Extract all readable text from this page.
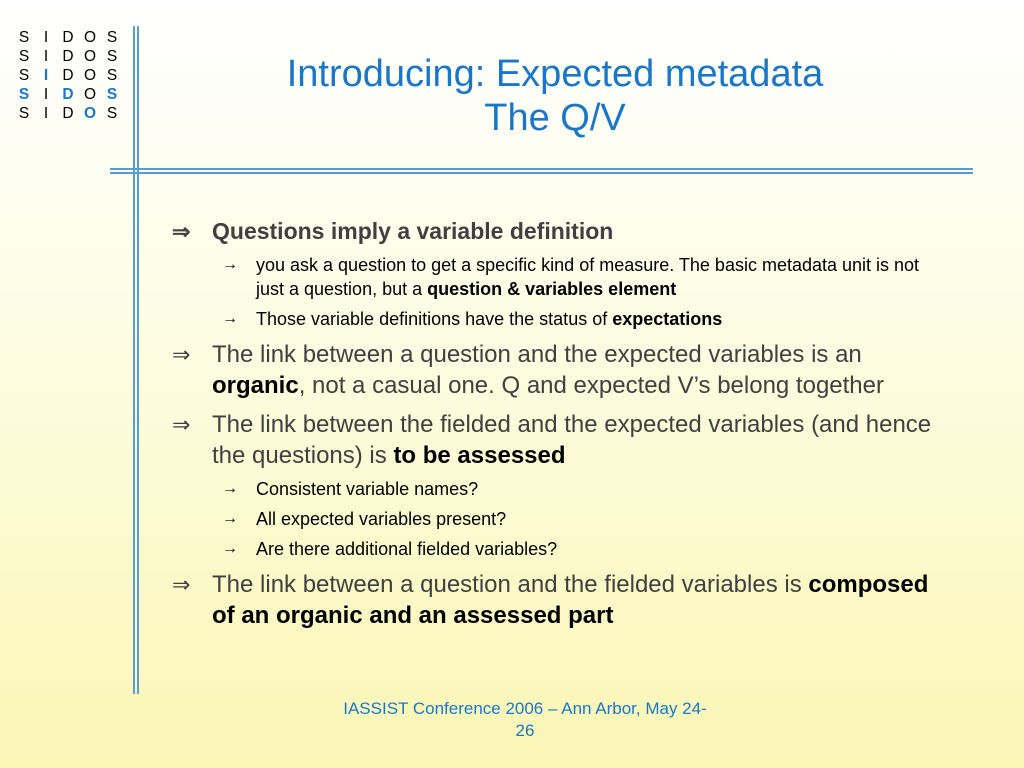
S I D O S
S I D O S
S I D O S
S I D O S
S I D O S
Introducing: Expected metadata
The Q/V
⇒ Questions imply a variable definition
→	you ask a question to get a specific kind of measure. The basic metadata unit is not just a question, but a question & variables element
→	Those variable definitions have the status of expectations
⇒ The link between a question and the expected variables is an organic, not a casual one. Q and expected V’s belong together
⇒ The link between the fielded and the expected variables (and hence the questions) is to be assessed
→	Consistent variable names?
→	All expected variables present?
→	Are there additional fielded variables?
⇒ The link between a question and the fielded variables is composed of an organic and an assessed part
IASSIST Conference 2006 – Ann Arbor, May 24-
26
